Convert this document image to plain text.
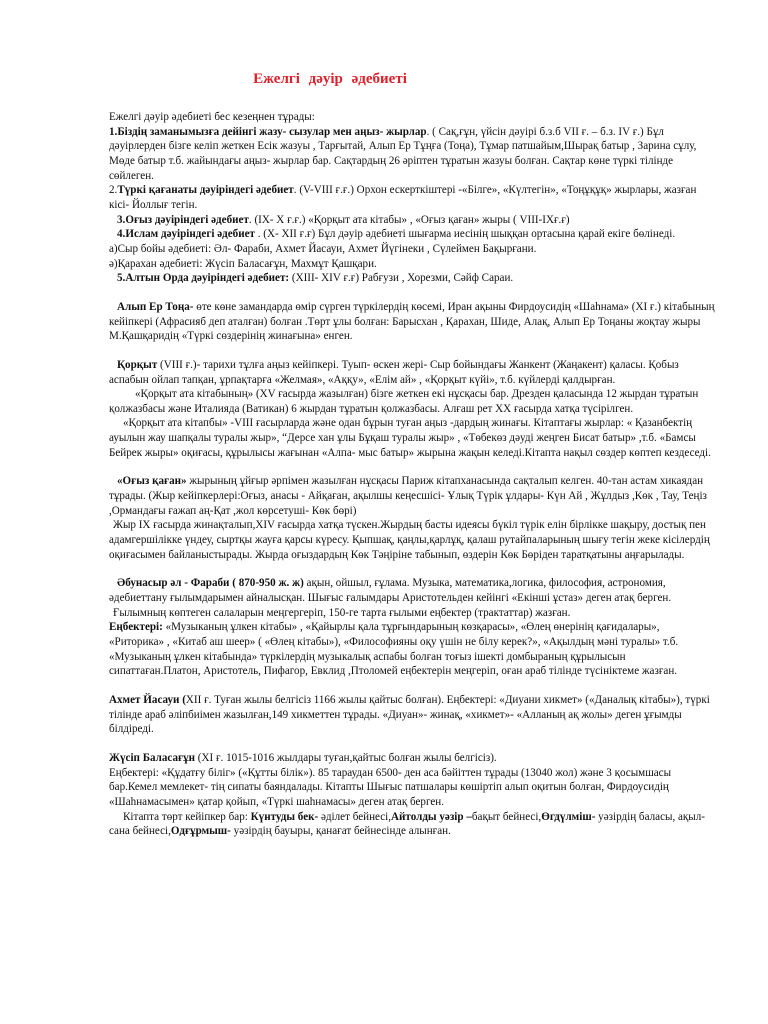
Ежелгі дәуір әдебиеті

Ежелгі дәуір әдебиеті бес кезеңнен тұрады:

1.Біздің заманымызға дейінгі жазу- сызулар мен аңыз- жырлар. ( Сақ,ғұн, үйсін дәуірі б.з.б VII ғ. – б.з. IV ғ.) Бұл дәуірлерден бізге келіп жеткен Есік жазуы , Тарғытай, Алып Ер Тұңға (Тоңа), Тұмар патшайым,Шырақ батыр , Зарина сұлу, Мөде батыр т.б. жайындағы аңыз- жырлар бар. Сақтардың 26 әріптен тұратын жазуы болған. Сақтар көне түркі тілінде сөйлеген.

2.Түркі қағанаты дәуіріндегі әдебиет. (V-VIII ғ.ғ.) Орхон ескерткіштері -«Білге», «Күлтегін», «Тоңұқұқ» жырлары, жазған кісі- Йоллығ тегін.

3.Оғыз дәуіріндегі әдебиет. (IX- X ғ.ғ.) «Қорқыт ата кітабы» , «Оғыз қаған» жыры ( VIII-IXғ.ғ)

4.Ислам дәуіріндегі әдебиет . (X- XII ғ.ғ) Бұл дәуір әдебиеті шығарма иесінің шыққан ортасына қарай екіге бөлінеді.

а)Сыр бойы әдебиеті: Әл- Фараби, Ахмет Йасауи, Ахмет Йүгінеки , Сүлеймен Бақырғани.

ә)Қарахан әдебиеті: Жүсіп Баласағұн, Махмұт Қашқари.

5.Алтын Орда дәуіріндегі әдебиет: (XIII- XIV ғ.ғ) Рабғузи , Хорезми, Сәйф Сараи.

Алып Ер Тоңа- өте көне замандарда өмір сүрген түркілердің көсемі, Иран ақыны Фирдоусидің «Шаһнама» (XI ғ.) кітабының кейіпкері (Афрасияб деп аталған) болған .Төрт ұлы болған: Барысхан , Қарахан, Шиде, Алақ, Алып Ер Тоңаны жоқтау жыры М.Қашқаридің «Түркі сөздерінің жинағына» енген.

Қорқыт (VIII ғ.)- тарихи тұлға аңыз кейіпкері. Туып- өскен жері- Сыр бойындағы Жанкент (Жаңакент) қаласы. Қобыз аспабын ойлап тапқан, ұрпақтарға «Желмая», «Аққу», «Елім ай» , «Қорқыт күйі», т.б. күйлерді қалдырған.

«Қорқыт ата кітабының» (XV ғасырда жазылған) бізге жеткен екі нұсқасы бар. Дрезден қаласында 12 жырдан тұратын қолжазбасы және Италияда (Ватикан) 6 жырдан тұратын қолжазбасы. Алғаш рет XX ғасырда хатқа түсірілген.

«Қорқыт ата кітапбы» -VIII ғасырларда және одан бұрын туған аңыз -дардың жинағы. Кітаптағы жырлар: « Қазанбектің ауылын жау шапқалы туралы жыр», “Дерсе хан ұлы Бұқаш туралы жыр» , «Төбекөз дәуді жеңген Бисат батыр» ,т.б. «Бамсы Бейрек жыры» оқиғасы, құрылысы жағынан «Алпа- мыс батыр» жырына жақын келеді.Кітапта нақыл сөздер көптеп кездеседі.

«Оғыз қаған» жырының ұйғыр әрпімен жазылған нұсқасы Париж кітапханасында сақталып келген. 40-тан астам хикаядан тұрады. (Жыр кейіпкерлері:Оғыз, анасы - Айқаған, ақылшы кеңесшісі- Ұлық Түрік ұлдары- Күн Ай , Жұлдыз ,Көк , Тау, Теңіз ,Ормандағы ғажап аң-Қат ,жол көрсетуші- Көк бөрі)

Жыр IX ғасырда жинақталып,XIV ғасырда хатқа түскен.Жырдың басты идеясы бүкіл түрік елін бірлікке шақыру, достық пен адамгершілікке үндеу, сыртқы жауға қарсы күресу. Қыпшақ, қаңлы,қарлұқ, қалаш рутайпаларының шығу тегін жеке кісілердің оқиғасымен байланыстырады. Жырда оғыздардың Көк Тәңіріне табынып, өздерін Көк Бөріден таратқатыны аңғарылады.

Әбунасыр әл - Фараби ( 870-950 ж. ж) ақын, ойшыл, ғұлама. Музыка, математика,логика, философия, астрономия, әдебиеттану ғылымдарымен айналысқан. Шығыс ғалымдары Аристотельден кейінгі «Екінші ұстаз» деген атақ берген.

Ғылымның көптеген салаларын меңгергеріп, 150-ге тарта ғылыми еңбектер (трактаттар) жазған.

Еңбектері: «Музыканың ұлкен кітабы» , «Қайырлы қала тұрғындарының көзқарасы», «Өлең өнерінің қағидалары», «Риторика» , «Китаб аш шеер» ( «Өлең кітабы»), «Философияны оқу үшін не білу керек?», «Ақылдың мәні туралы» т.б.

«Музыканың ұлкен кітабында» түркілердің музыкалық аспабы болған тоғыз ішекті домбыраның құрылысын сипаттаған.Платон, Аристотель, Пифагор, Евклид ,Птоломей еңбектерін меңгеріп, оған араб тілінде түсініктеме жазған.

Ахмет Йасауи (XII ғ. Туған жылы белгісіз 1166 жылы қайтыс болған). Еңбектері: «Диуани хикмет» («Даналық кітабы»), түркі тілінде араб әліпбиімен жазылған,149 хикметтен тұрады. «Диуан»- жинақ, «хикмет»- «Алланың ақ жолы» деген ұғымды білдіреді.

Жүсіп Баласағұн (XI ғ. 1015-1016 жылдары туған,қайтыс болған жылы белгісіз).

Еңбектері: «Құдатғу біліг» («Құтты білік»). 85 тараудан 6500- ден аса бәйіттен тұрады (13040 жол) және 3 қосымшасы бар.Кемел мемлекет- тің сипаты баяндалады. Кітапты Шығыс патшалары көшіртіп алып оқитын болған, Фирдоусидің «Шаһнамасымен» қатар қойып, «Түркі шаһнамасы» деген атақ берген.

Кітапта төрт кейіпкер бар: Күнтуды бек- әділет бейнесі,Айтолды уәзір –бақыт бейнесі,Өгдүлміш- уәзірдің баласы, ақыл- сана бейнесі,Одғұрмыш- уәзірдің бауыры, қанағат бейнесінде алынған.
